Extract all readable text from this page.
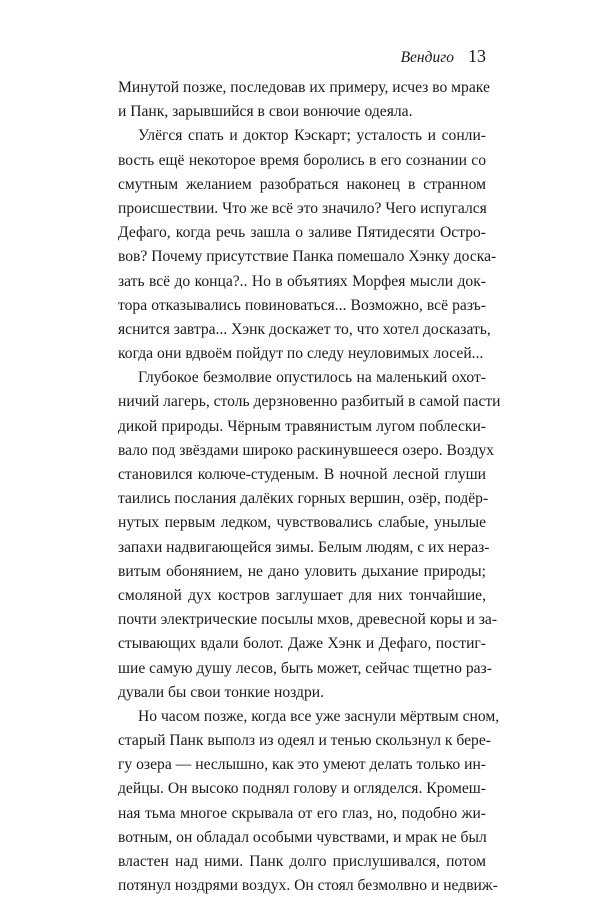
Вендиго 13

Минутой позже, последовав их примеру, исчез во мраке
и Панк, зарывшийся в свои вонючие одеяла.

Улёгся спать и доктор Кэскарт; усталость и сонли-
вость ещё некоторое время боролись в его сознании со
смутным желанием разобраться наконец в странном
происшествии. Что же всё это значило? Чего испугался
Дефаго, когда речь зашла о заливе Пятидесяти Остро-
вов? Почему присутствие Панка помешало Хэнку доска-
зать всё до конца?.. Но в объятиях Морфея мысли док-
тора отказывались повиноваться... Возможно, всё разъ-
яснится завтра... Хэнк доскажет то, что хотел досказать,
когда они вдвоём пойдут по следу неуловимых лосей...

Глубокое безмолвие опустилось на маленький охот-
ничий лагерь, столь дерзновенно разбитый в самой пасти
дикой природы. Чёрным травянистым лугом поблески-
вало под звёздами широко раскинувшееся озеро. Воздух
становился колюче-студеным. В ночной лесной глуши
таились послания далёких горных вершин, озёр, подёр-
нутых первым ледком, чувствовались слабые, унылые
запахи надвигающейся зимы. Белым людям, с их нераз-
витым обонянием, не дано уловить дыхание природы;
смоляной дух костров заглушает для них тончайшие,
почти электрические посылы мхов, древесной коры и за-
стывающих вдали болот. Даже Хэнк и Дефаго, постиг-
шие самую душу лесов, быть может, сейчас тщетно раз-
дували бы свои тонкие ноздри.

Но часом позже, когда все уже заснули мёртвым сном,
старый Панк выполз из одеял и тенью скользнул к бере-
гу озера — неслышно, как это умеют делать только ин-
дейцы. Он высоко поднял голову и огляделся. Кромеш-
ная тьма многое скрывала от его глаз, но, подобно жи-
вотным, он обладал особыми чувствами, и мрак не был
властен над ними. Панк долго прислушивался, потом
потянул ноздрями воздух. Он стоял безмолвно и недвиж-
